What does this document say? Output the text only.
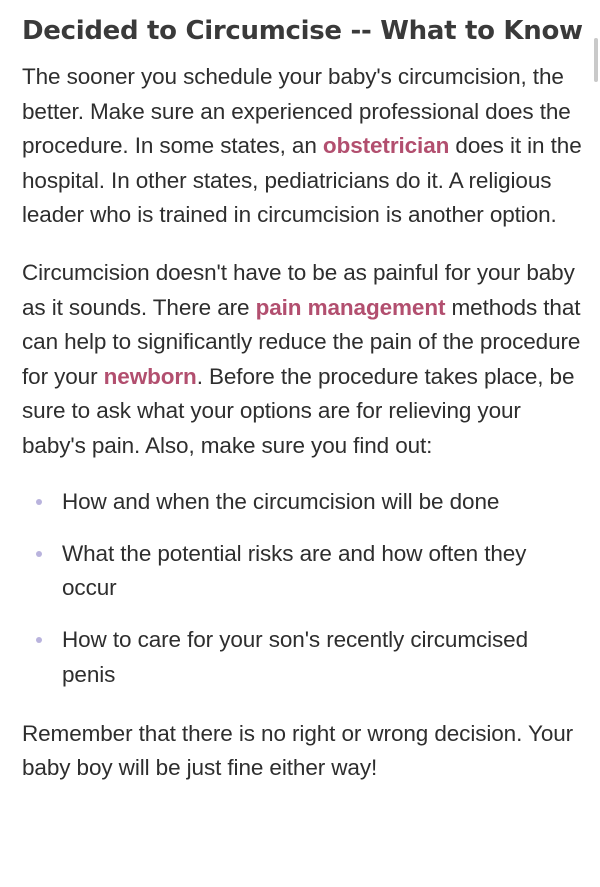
Decided to Circumcise -- What to Know

The sooner you schedule your baby's circumcision, the better. Make sure an experienced professional does the procedure. In some states, an obstetrician does it in the hospital. In other states, pediatricians do it. A religious leader who is trained in circumcision is another option.

Circumcision doesn't have to be as painful for your baby as it sounds. There are pain management methods that can help to significantly reduce the pain of the procedure for your newborn. Before the procedure takes place, be sure to ask what your options are for relieving your baby's pain. Also, make sure you find out:

How and when the circumcision will be done
What the potential risks are and how often they occur
How to care for your son's recently circumcised penis

Remember that there is no right or wrong decision. Your baby boy will be just fine either way!
